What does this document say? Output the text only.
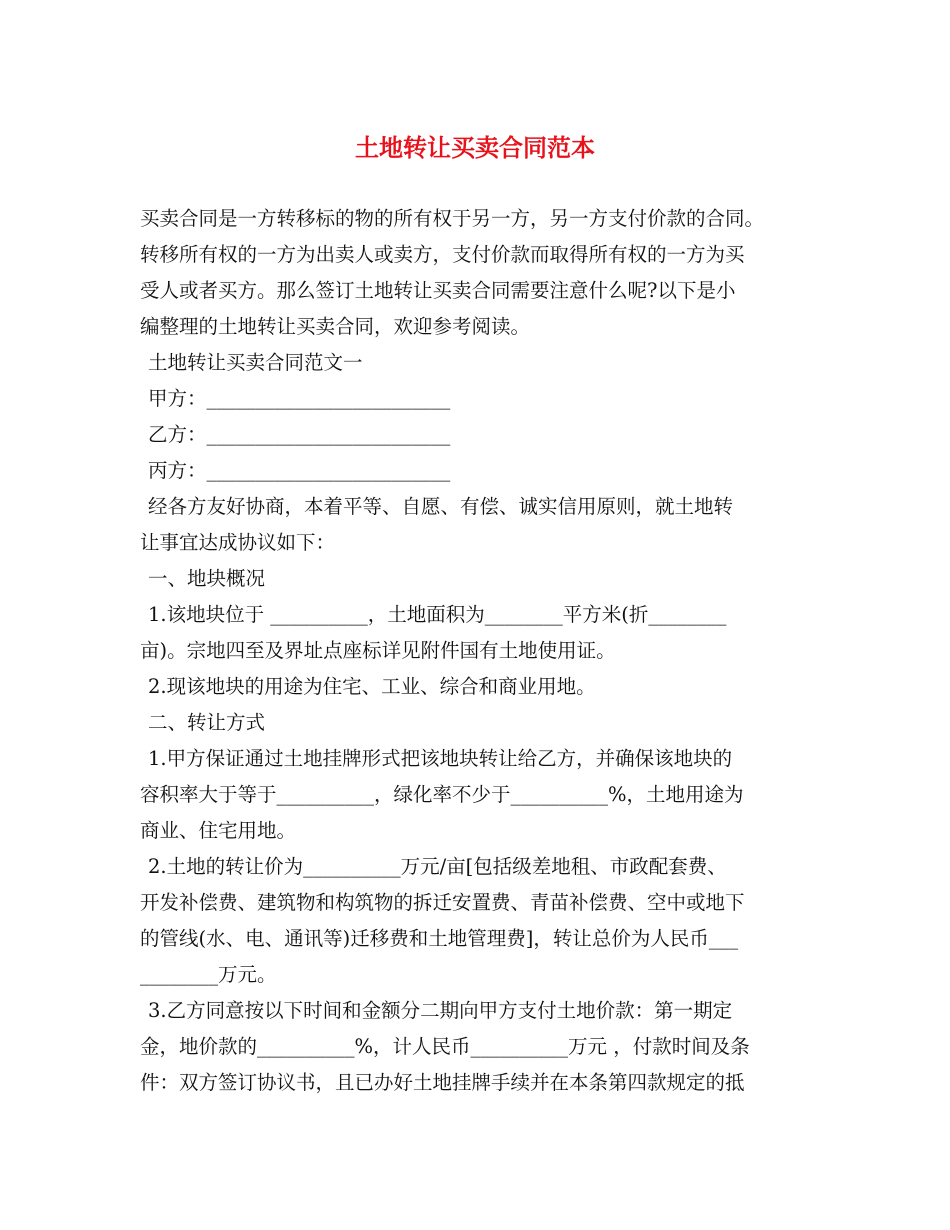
土地转让买卖合同范本
买卖合同是一方转移标的物的所有权于另一方，另一方支付价款的合同。
转移所有权的一方为出卖人或卖方，支付价款而取得所有权的一方为买
受人或者买方。那么签订土地转让买卖合同需要注意什么呢?以下是小
编整理的土地转让买卖合同，欢迎参考阅读。
土地转让买卖合同范文一
甲方：_________________________
乙方：_________________________
丙方：_________________________
经各方友好协商，本着平等、自愿、有偿、诚实信用原则，就土地转
让事宜达成协议如下：
一、地块概况
1.该地块位于 __________，土地面积为________平方米(折________
亩)。宗地四至及界址点座标详见附件国有土地使用证。
2.现该地块的用途为住宅、工业、综合和商业用地。
二、转让方式
1.甲方保证通过土地挂牌形式把该地块转让给乙方，并确保该地块的
容积率大于等于__________，绿化率不少于__________%，土地用途为
商业、住宅用地。
2.土地的转让价为__________万元/亩[包括级差地租、市政配套费、
开发补偿费、建筑物和构筑物的拆迁安置费、青苗补偿费、空中或地下
的管线(水、电、通讯等)迁移费和土地管理费]，转让总价为人民币___
________万元。
3.乙方同意按以下时间和金额分二期向甲方支付土地价款：第一期定
金，地价款的__________%，计人民币__________万元 ，付款时间及条
件：双方签订协议书，且已办好土地挂牌手续并在本条第四款规定的抵
